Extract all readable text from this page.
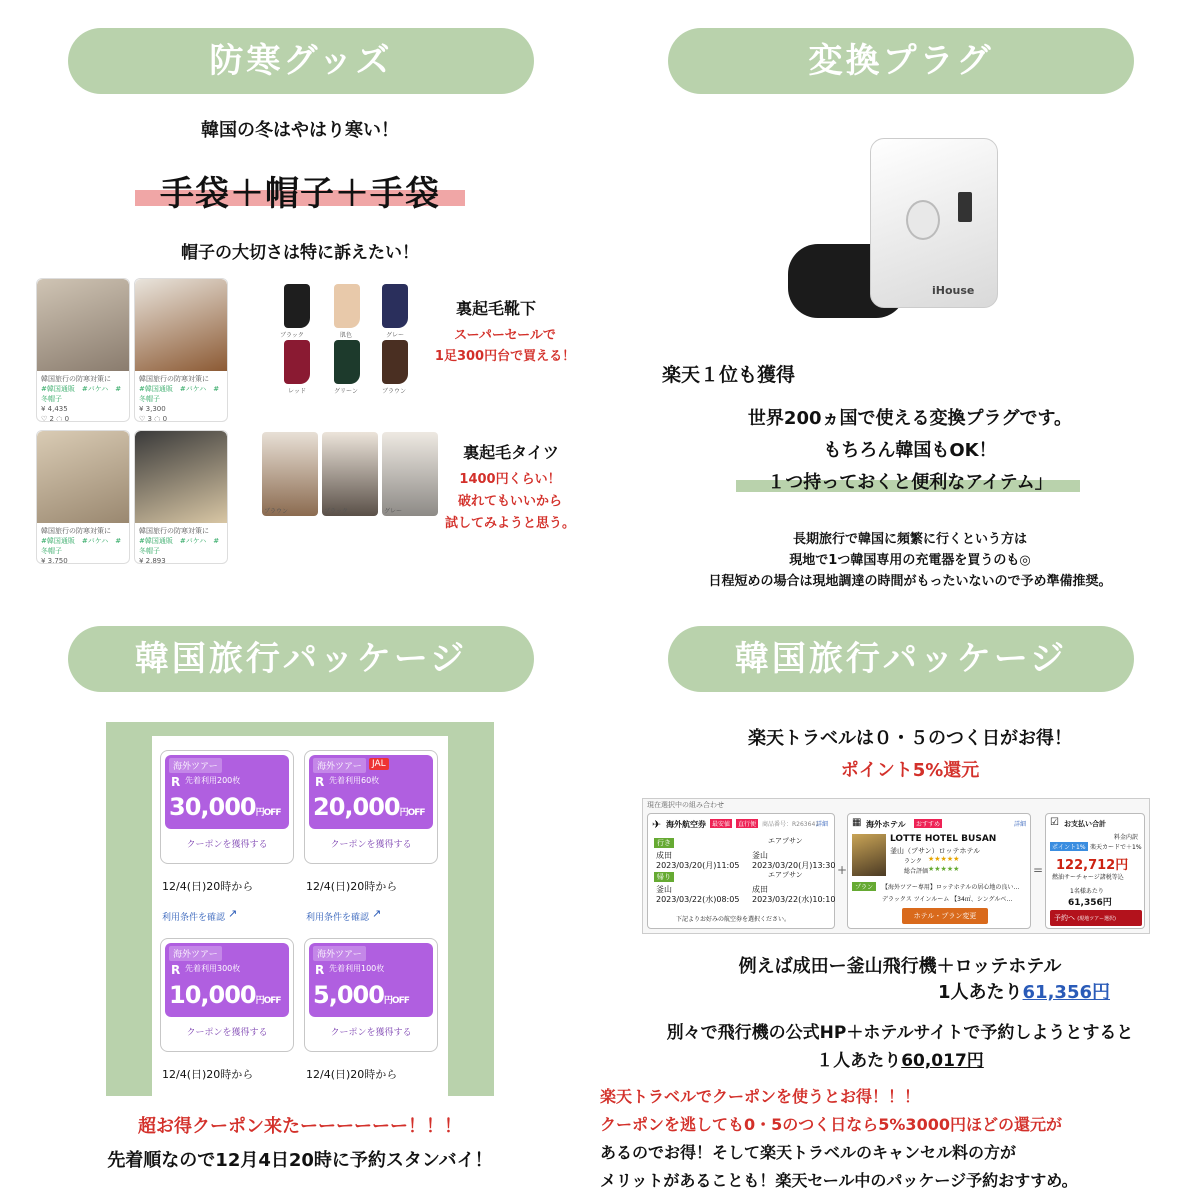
防寒グッズ
韓国の冬はやはり寒い！
手袋＋帽子＋手袋
帽子の大切さは特に訴えたい！
韓国旅行の防寒対策に
#韓国通販　#バケハ　#冬帽子
¥ 4,435
♡ 2 ◌ 0
韓国旅行の防寒対策に
#韓国通販　#バケハ　#冬帽子
¥ 3,300
♡ 3 ◌ 0
韓国旅行の防寒対策に
#韓国通販　#バケハ　#冬帽子
¥ 3,750
韓国旅行の防寒対策に
#韓国通販　#バケハ　#冬帽子
¥ 2,893
ブラック	肌色	グレー
レッド	グリーン	ブラウン
裏起毛靴下
スーパーセールで
1足300円台で買える！
ブラウン	ブラック	グレー
裏起毛タイツ
1400円くらい！
破れてもいいから
試してみようと思う。
変換プラグ
iHouse
楽天１位も獲得
世界200ヵ国で使える変換プラグです。
もちろん韓国もOK！
１つ持っておくと便利なアイテム」
長期旅行で韓国に頻繁に行くという方は
現地で1つ韓国専用の充電器を買うのも◎
日程短めの場合は現地調達の時間がもったいないので予め準備推奨。
韓国旅行パッケージ
海外ツアー
R 先着利用200枚
30,000円OFF
クーポンを獲得する
海外ツアー	JAL
R 先着利用60枚
20,000円OFF
クーポンを獲得する
12/4(日)20時から	12/4(日)20時から
利用条件を確認 ↗	利用条件を確認 ↗
海外ツアー
R 先着利用300枚
10,000円OFF
クーポンを獲得する
海外ツアー
R 先着利用100枚
5,000円OFF
クーポンを獲得する
12/4(日)20時から	12/4(日)20時から
超お得クーポン来たーーーーーー！！！
先着順なので12月4日20時に予約スタンバイ！
韓国旅行パッケージ
楽天トラベルは０・５のつく日がお得！
ポイント5%還元
現在選択中の組み合わせ
✈ 海外航空券	最安値	直行便 商品番号：R263641
詳細
行き	エアプサン
成田	釜山
2023/03/20(月)11:05 2023/03/20(月)13:30
帰り	エアプサン
釜山	成田
2023/03/22(水)08:05 2023/03/22(水)10:10
下記よりお好みの航空券を選択ください。
+
▦ 海外ホテル	おすすめ	詳細
LOTTE HOTEL BUSAN
釜山（プサン）ロッテホテル
ランク ★★★★★
総合評価 ★★★★★
プラン	【海外ツアー専用】ロッテホテルの居心地の良い…
デラックス ツインルーム 【34㎡、シングルベ…
ホテル・プラン変更
=
☑ お支払い合計
料金内訳
ポイント1% 楽天カードで＋1%
122,712円
燃油サーチャージ諸税等込
1名様あたり
61,356円
予約へ (現地ツアー選択)
例えば成田ー釜山飛行機＋ロッテホテル
1人あたり61,356円
別々で飛行機の公式HP＋ホテルサイトで予約しようとすると
１人あたり60,017円
楽天トラベルでクーポンを使うとお得！！！
クーポンを逃しても0・5のつく日なら5%3000円ほどの還元が
あるのでお得！そして楽天トラベルのキャンセル料の方が
メリットがあることも！楽天セール中のパッケージ予約おすすめ。
